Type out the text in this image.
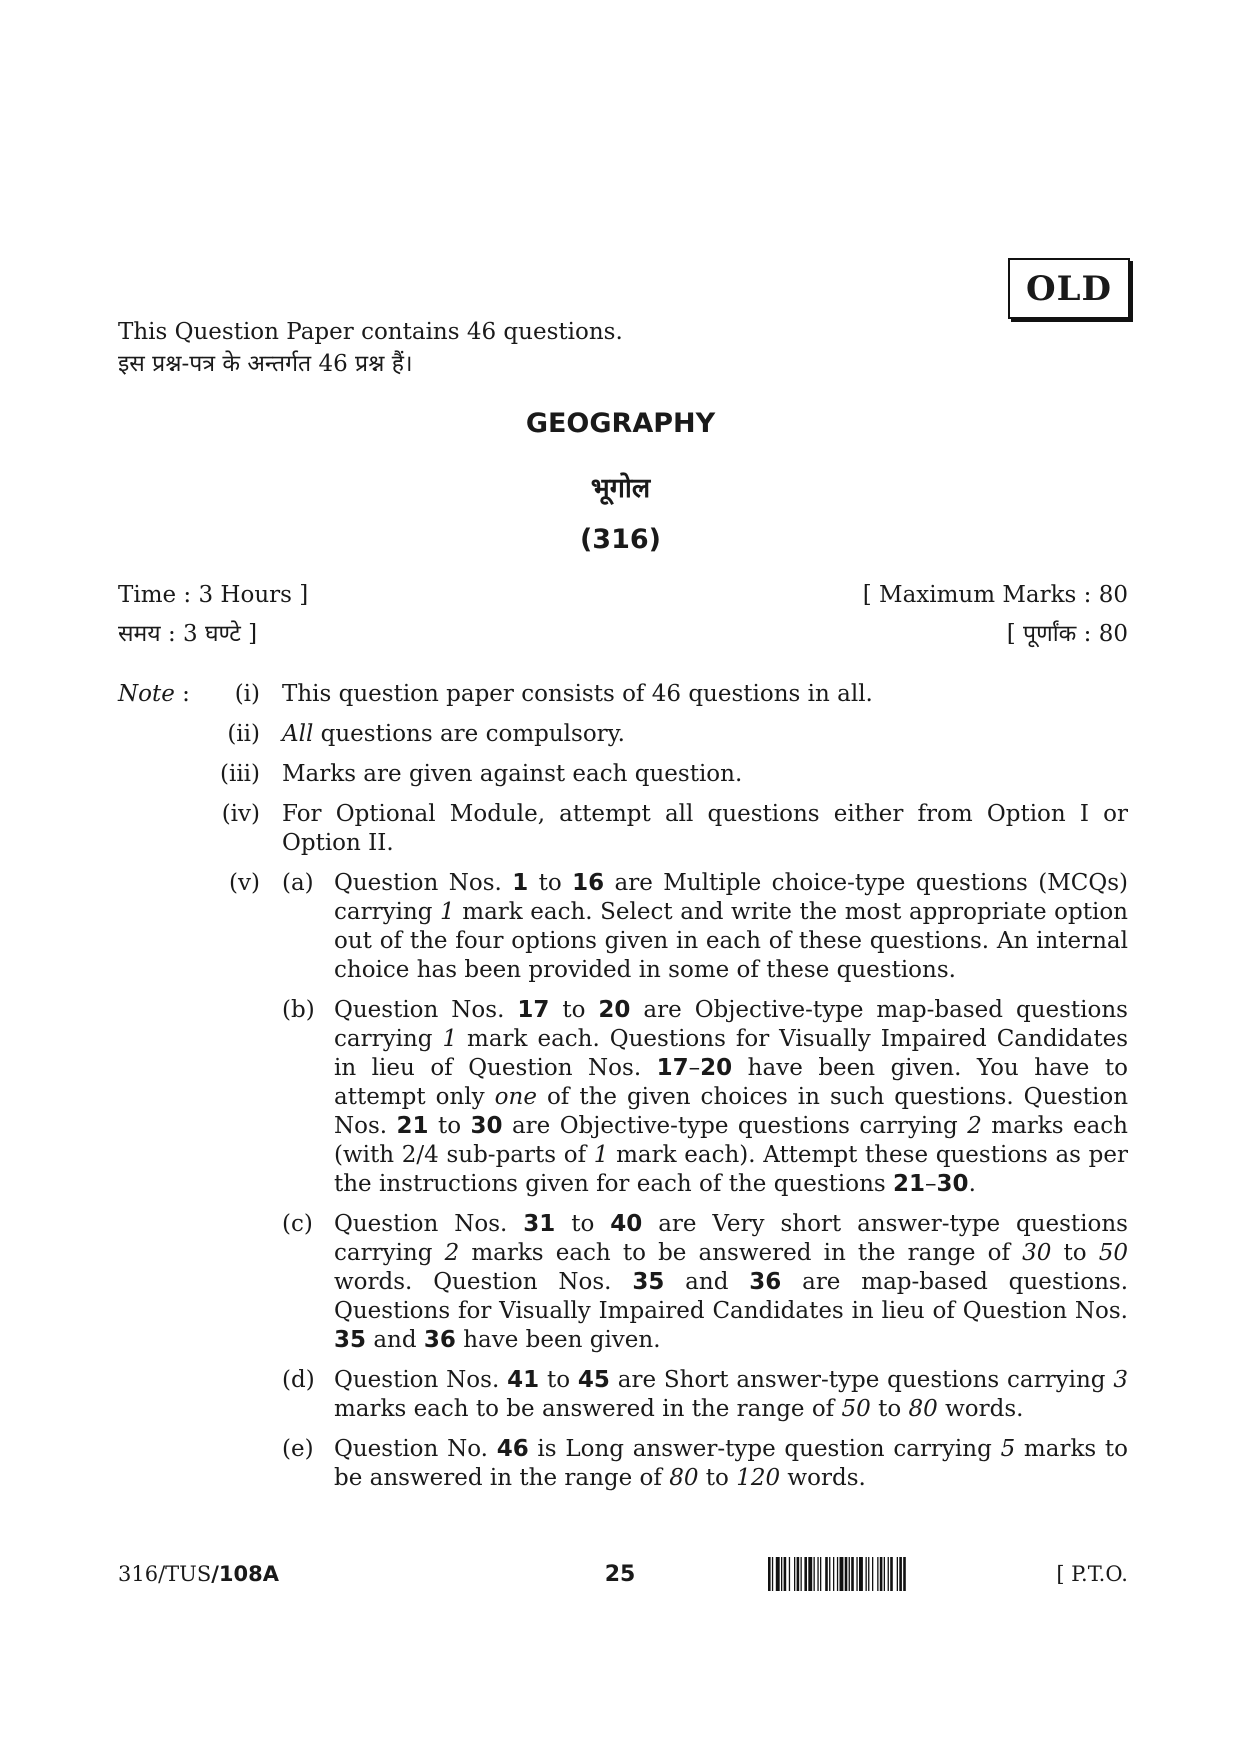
OLD
This Question Paper contains 46 questions.
इस प्रश्न-पत्र के अन्तर्गत 46 प्रश्न हैं।
GEOGRAPHY
भूगोल
(316)
Time : 3 Hours ]
समय : 3 घण्टे ]
[ Maximum Marks : 80
[ पूर्णांक : 80
Note :	(i) This question paper consists of 46 questions in all.
(ii) All questions are compulsory.
(iii) Marks are given against each question.
(iv) For Optional Module, attempt all questions either from Option I or Option II.
(v) (a) Question Nos. 1 to 16 are Multiple choice-type questions (MCQs) carrying 1 mark each. Select and write the most appropriate option out of the four options given in each of these questions. An internal choice has been provided in some of these questions.
(b) Question Nos. 17 to 20 are Objective-type map-based questions carrying 1 mark each. Questions for Visually Impaired Candidates in lieu of Question Nos. 17–20 have been given. You have to attempt only one of the given choices in such questions. Question Nos. 21 to 30 are Objective-type questions carrying 2 marks each (with 2/4 sub-parts of 1 mark each). Attempt these questions as per the instructions given for each of the questions 21–30.
(c) Question Nos. 31 to 40 are Very short answer-type questions carrying 2 marks each to be answered in the range of 30 to 50 words. Question Nos. 35 and 36 are map-based questions. Questions for Visually Impaired Candidates in lieu of Question Nos. 35 and 36 have been given.
(d) Question Nos. 41 to 45 are Short answer-type questions carrying 3 marks each to be answered in the range of 50 to 80 words.
(e) Question No. 46 is Long answer-type question carrying 5 marks to be answered in the range of 80 to 120 words.
316/TUS/108A	25	[ P.T.O.
